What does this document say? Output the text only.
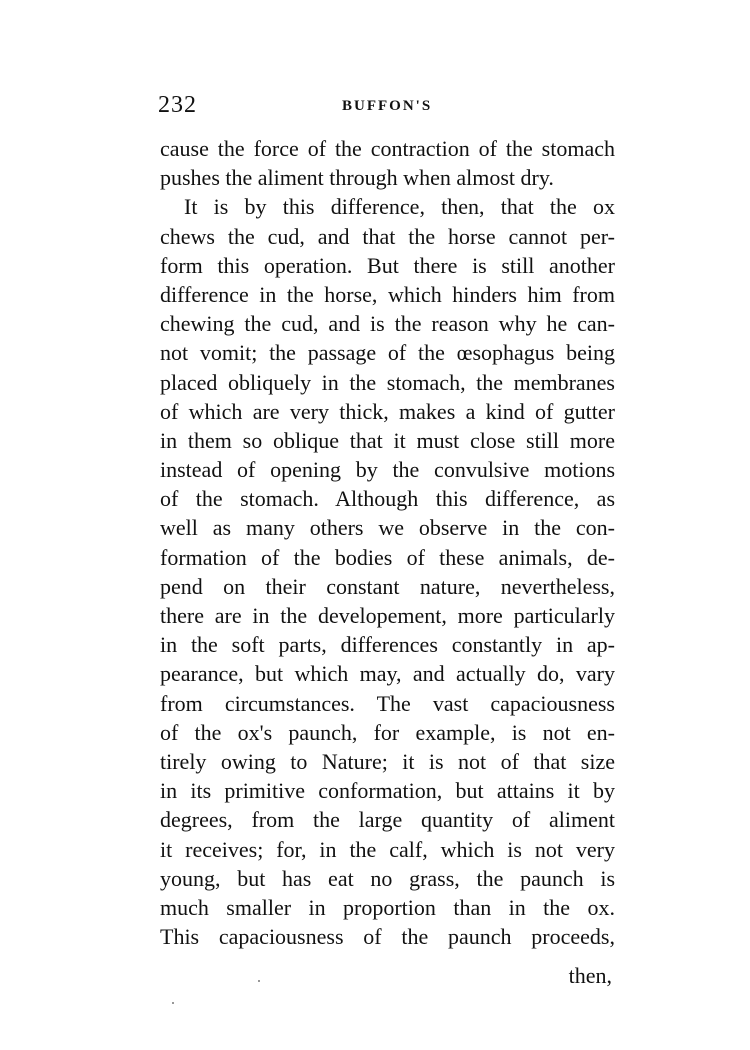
232	BUFFON'S
cause the force of the contraction of the stomach
pushes the aliment through when almost dry.
It is by this difference, then, that the ox
chews the cud, and that the horse cannot per-
form this operation. But there is still another
difference in the horse, which hinders him from
chewing the cud, and is the reason why he can-
not vomit; the passage of the œsophagus being
placed obliquely in the stomach, the membranes
of which are very thick, makes a kind of gutter
in them so oblique that it must close still more
instead of opening by the convulsive motions
of the stomach. Although this difference, as
well as many others we observe in the con-
formation of the bodies of these animals, de-
pend on their constant nature, nevertheless,
there are in the developement, more particularly
in the soft parts, differences constantly in ap-
pearance, but which may, and actually do, vary
from circumstances. The vast capaciousness
of the ox's paunch, for example, is not en-
tirely owing to Nature; it is not of that size
in its primitive conformation, but attains it by
degrees, from the large quantity of aliment
it receives; for, in the calf, which is not very
young, but has eat no grass, the paunch is
much smaller in proportion than in the ox.
This capaciousness of the paunch proceeds,
then,
